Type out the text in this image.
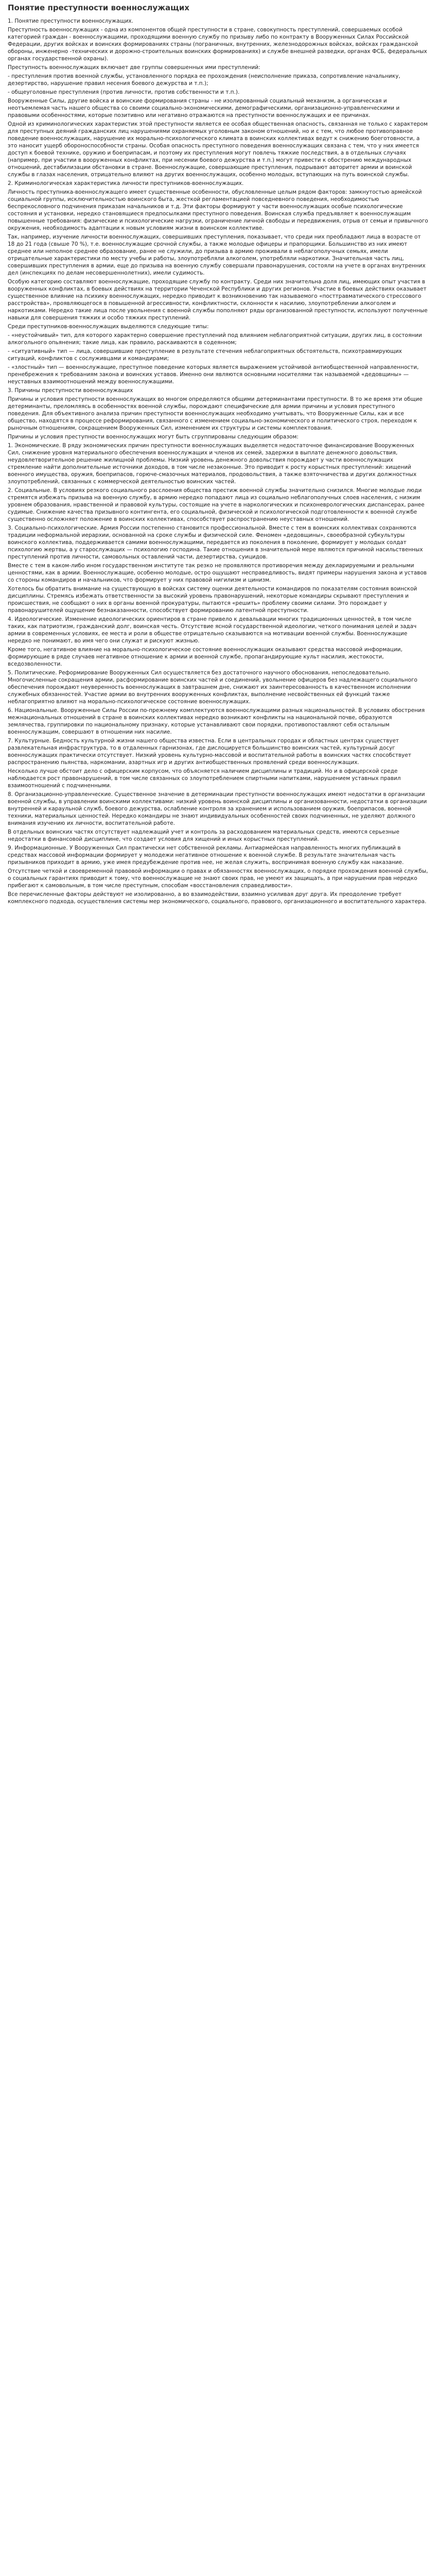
Понятие преступности военнослужащих

1. Понятие преступности военнослужащих.

Преступность военнослужащих - одна из компонентов общей преступности в стране, совокупность преступлений, совершаемых особой категорией граждан - военнослужащими, проходящими военную службу по призыву либо по контракту в Вооруженных Силах Российской Федерации, других войсках и воинских формированиях страны (пограничных, внутренних, железнодорожных войсках, войсках гражданской обороны, инженерно -технических и дорожно-строительных воинских формированиях) и службе внешней разведки, органах ФСБ, федеральных органах государственной охраны).

Преступность военнослужащих включает две группы совершенных ими преступлений:

- преступления против военной службы, установленного порядка ее прохождения (неисполнение приказа, сопротивление начальнику, дезертирство, нарушение правил несения боевого дежурства и т.п.);

- общеуголовные преступления (против личности, против собственности и т.п.).

Вооруженные Силы, другие войска и воинские формирования страны - не изолированный социальный механизм, а органическая и неотъемлемая часть нашего общества со своими социально-экономическими, демографическими, организационно-управленческими и правовыми особенностями, которые позитивно или негативно отражаются на преступности военнослужащих и ее причинах.

Одной из криминологических характеристик этой преступности является ее особая общественная опасность, связанная не только с характером для преступных деяний гражданских лиц нарушениями охраняемых уголовным законом отношений, но и с тем, что любое противоправное поведение военнослужащих, нарушение их морально-психологического климата в воинских коллективах ведут к снижению боеготовности, а это наносит ущерб обороноспособности страны. Особая опасность преступного поведения военнослужащих связана с тем, что у них имеется доступ к боевой технике, оружию и боеприпасам, и поэтому их преступления могут повлечь тяжкие последствия, а в отдельных случаях (например, при участии в вооруженных конфликтах, при несении боевого дежурства и т.п.) могут привести к обострению международных отношений, дестабилизации обстановки в стране. Военнослужащие, совершающие преступления, подрывают авторитет армии и воинской службы в глазах населения, отрицательно влияют на других военнослужащих, особенно молодых, вступающих на путь воинской службы.

2. Криминологическая характеристика личности преступников-военнослужащих.

Личность преступника-военнослужащего имеет существенные особенности, обусловленные целым рядом факторов: замкнутостью армейской социальной группы, исключительностью воинского быта, жесткой регламентацией повседневного поведения, необходимостью беспрекословного подчинения приказам начальников и т.д. Эти факторы формируют у части военнослужащих особые психологические состояния и установки, нередко становящиеся предпосылками преступного поведения. Воинская служба предъявляет к военнослужащим повышенные требования: физические и психологические нагрузки, ограничение личной свободы и передвижения, отрыв от семьи и привычного окружения, необходимость адаптации к новым условиям жизни в воинском коллективе.

Так, например, изучение личности военнослужащих, совершивших преступления, показывает, что среди них преобладают лица в возрасте от 18 до 21 года (свыше 70 %), т.е. военнослужащие срочной службы, а также молодые офицеры и прапорщики. Большинство из них имеют среднее или неполное среднее образование, ранее не служили, до призыва в армию проживали в неблагополучных семьях, имели отрицательные характеристики по месту учебы и работы, злоупотребляли алкоголем, употребляли наркотики. Значительная часть лиц, совершивших преступления в армии, еще до призыва на военную службу совершали правонарушения, состояли на учете в органах внутренних дел (инспекциях по делам несовершеннолетних), имели судимость.

Особую категорию составляют военнослужащие, проходящие службу по контракту. Среди них значительна доля лиц, имеющих опыт участия в вооруженных конфликтах, в боевых действиях на территории Чеченской Республики и других регионов. Участие в боевых действиях оказывает существенное влияние на психику военнослужащих, нередко приводит к возникновению так называемого «посттравматического стрессового расстройства», проявляющегося в повышенной агрессивности, конфликтности, склонности к насилию, злоупотреблении алкоголем и наркотиками. Нередко такие лица после увольнения с военной службы пополняют ряды организованной преступности, используют полученные навыки для совершения тяжких и особо тяжких преступлений.

Среди преступников-военнослужащих выделяются следующие типы:

- «неустойчивый» тип, для которого характерно совершение преступлений под влиянием неблагоприятной ситуации, других лиц, в состоянии алкогольного опьянения; такие лица, как правило, раскаиваются в содеянном;

- «ситуативный» тип — лица, совершившие преступление в результате стечения неблагоприятных обстоятельств, психотравмирующих ситуаций, конфликтов с сослуживцами и командирами;

- «злостный» тип — военнослужащие, преступное поведение которых является выражением устойчивой антиобщественной направленности, пренебрежения к требованиям закона и воинских уставов. Именно они являются основными носителями так называемой «дедовщины» — неуставных взаимоотношений между военнослужащими.

3. Причины преступности военнослужащих

Причины и условия преступности военнослужащих во многом определяются общими детерминантами преступности. В то же время эти общие детерминанты, преломляясь в особенностях военной службы, порождают специфические для армии причины и условия преступного поведения. Для объективного анализа причин преступности военнослужащих необходимо учитывать, что Вооруженные Силы, как и все общество, находятся в процессе реформирования, связанного с изменением социально-экономического и политического строя, переходом к рыночным отношениям, сокращением Вооруженных Сил, изменением их структуры и системы комплектования.

Причины и условия преступности военнослужащих могут быть сгруппированы следующим образом:

1. Экономические. В ряду экономических причин преступности военнослужащих выделяется недостаточное финансирование Вооруженных Сил, снижение уровня материального обеспечения военнослужащих и членов их семей, задержки в выплате денежного довольствия, неудовлетворительное решение жилищной проблемы. Низкий уровень денежного довольствия порождает у части военнослужащих стремление найти дополнительные источники доходов, в том числе незаконные. Это приводит к росту корыстных преступлений: хищений военного имущества, оружия, боеприпасов, горюче-смазочных материалов, продовольствия, а также взяточничества и других должностных злоупотреблений, связанных с коммерческой деятельностью воинских частей.

2. Социальные. В условиях резкого социального расслоения общества престиж военной службы значительно снизился. Многие молодые люди стремятся избежать призыва на военную службу, в армию нередко попадают лица из социально неблагополучных слоев населения, с низким уровнем образования, нравственной и правовой культуры, состоящие на учете в наркологических и психоневрологических диспансерах, ранее судимые. Снижение качества призывного контингента, его социальной, физической и психологической подготовленности к военной службе существенно осложняет положение в воинских коллективах, способствует распространению неуставных отношений.

3. Социально-психологические. Армия России постепенно становится профессиональной. Вместе с тем в воинских коллективах сохраняются традиции неформальной иерархии, основанной на сроке службы и физической силе. Феномен «дедовщины», своеобразной субкультуры воинского коллектива, поддерживается самими военнослужащими, передается из поколения в поколение, формирует у молодых солдат психологию жертвы, а у старослужащих — психологию господина. Такие отношения в значительной мере являются причиной насильственных преступлений против личности, самовольных оставлений части, дезертирства, суицидов.

Вместе с тем в каком-либо ином государственном институте так резко не проявляются противоречия между декларируемыми и реальными ценностями, как в армии. Военнослужащие, особенно молодые, остро ощущают несправедливость, видят примеры нарушения закона и уставов со стороны командиров и начальников, что формирует у них правовой нигилизм и цинизм.

Хотелось бы обратить внимание на существующую в войсках систему оценки деятельности командиров по показателям состояния воинской дисциплины. Стремясь избежать ответственности за высокий уровень правонарушений, некоторые командиры скрывают преступления и происшествия, не сообщают о них в органы военной прокуратуры, пытаются «решить» проблему своими силами. Это порождает у правонарушителей ощущение безнаказанности, способствует формированию латентной преступности.

4. Идеологические. Изменение идеологических ориентиров в стране привело к девальвации многих традиционных ценностей, в том числе таких, как патриотизм, гражданский долг, воинская честь. Отсутствие ясной государственной идеологии, четкого понимания целей и задач армии в современных условиях, ее места и роли в обществе отрицательно сказываются на мотивации военной службы. Военнослужащие нередко не понимают, во имя чего они служат и рискуют жизнью.

Кроме того, негативное влияние на морально-психологическое состояние военнослужащих оказывают средства массовой информации, формирующие в ряде случаев негативное отношение к армии и военной службе, пропагандирующие культ насилия, жестокости, вседозволенности.

5. Политические. Реформирование Вооруженных Сил осуществляется без достаточного научного обоснования, непоследовательно. Многочисленные сокращения армии, расформирование воинских частей и соединений, увольнение офицеров без надлежащего социального обеспечения порождают неуверенность военнослужащих в завтрашнем дне, снижают их заинтересованность в качественном исполнении служебных обязанностей. Участие армии во внутренних вооруженных конфликтах, выполнение несвойственных ей функций также неблагоприятно влияют на морально-психологическое состояние военнослужащих.

6. Национальные. Вооруженные Силы России по-прежнему комплектуются военнослужащими разных национальностей. В условиях обострения межнациональных отношений в стране в воинских коллективах нередко возникают конфликты на национальной почве, образуются землячества, группировки по национальному признаку, которые устанавливают свои порядки, противопоставляют себя остальным военнослужащим, совершают в отношении них насилие.

7. Культурные. Бедность культурной жизни нашего общества известна. Если в центральных городах и областных центрах существует развлекательная инфраструктура, то в отдаленных гарнизонах, где дислоцируется большинство воинских частей, культурный досуг военнослужащих практически отсутствует. Низкий уровень культурно-массовой и воспитательной работы в воинских частях способствует распространению пьянства, наркомании, азартных игр и других антиобщественных проявлений среди военнослужащих.

Несколько лучше обстоит дело с офицерским корпусом, что объясняется наличием дисциплины и традиций. Но и в офицерской среде наблюдается рост правонарушений, в том числе связанных со злоупотреблением спиртными напитками, нарушением уставных правил взаимоотношений с подчиненными.

8. Организационно-управленческие. Существенное значение в детерминации преступности военнослужащих имеют недостатки в организации военной службы, в управлении воинскими коллективами: низкий уровень воинской дисциплины и организованности, недостатки в организации внутренней и караульной служб, боевого дежурства, ослабление контроля за хранением и использованием оружия, боеприпасов, военной техники, материальных ценностей. Нередко командиры не знают индивидуальных особенностей своих подчиненных, не уделяют должного внимания изучению их личности, воспитательной работе.

В отдельных воинских частях отсутствует надлежащий учет и контроль за расходованием материальных средств, имеются серьезные недостатки в финансовой дисциплине, что создает условия для хищений и иных корыстных преступлений.

9. Информационные. У Вооруженных Сил практически нет собственной рекламы. Антиармейская направленность многих публикаций в средствах массовой информации формирует у молодежи негативное отношение к военной службе. В результате значительная часть призывников приходит в армию, уже имея предубеждение против нее, не желая служить, воспринимая военную службу как наказание.

Отсутствие четкой и своевременной правовой информации о правах и обязанностях военнослужащих, о порядке прохождения военной службы, о социальных гарантиях приводит к тому, что военнослужащие не знают своих прав, не умеют их защищать, а при нарушении прав нередко прибегают к самовольным, в том числе преступным, способам «восстановления справедливости».

Все перечисленные факторы действуют не изолированно, а во взаимодействии, взаимно усиливая друг друга. Их преодоление требует комплексного подхода, осуществления системы мер экономического, социального, правового, организационного и воспитательного характера.
